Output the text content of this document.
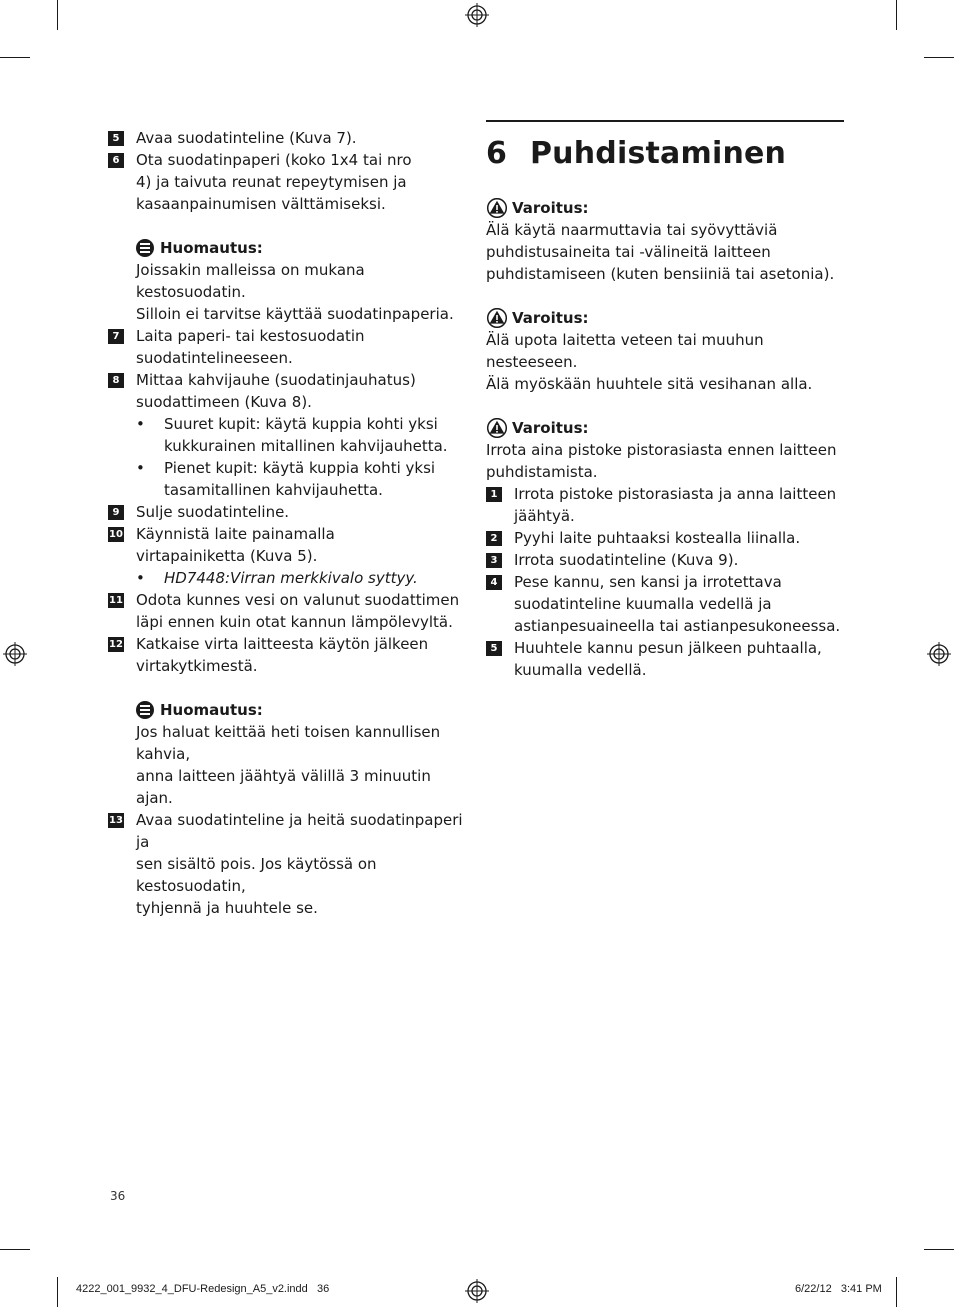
5	Avaa suodatinteline (Kuva 7).
6	Ota suodatinpaperi (koko 1x4 tai nro
4) ja taivuta reunat repeytymisen ja
kasaanpainumisen välttämiseksi.
Huomautus:
Joissakin malleissa on mukana kestosuodatin.
Silloin ei tarvitse käyttää suodatinpaperia.
7	Laita paperi- tai kestosuodatin
suodatintelineeseen.
8	Mittaa kahvijauhe (suodatinjauhatus)
suodattimeen (Kuva 8).
• Suuret kupit: käytä kuppia kohti yksi
kukkurainen mitallinen kahvijauhetta.
• Pienet kupit: käytä kuppia kohti yksi
tasamitallinen kahvijauhetta.
9	Sulje suodatinteline.
10 Käynnistä laite painamalla
virtapainiketta (Kuva 5).
• HD7448:Virran merkkivalo syttyy.
11 Odota kunnes vesi on valunut suodattimen
läpi ennen kuin otat kannun lämpölevyltä.
12 Katkaise virta laitteesta käytön jälkeen
virtakytkimestä.
Huomautus:
Jos haluat keittää heti toisen kannullisen kahvia,
anna laitteen jäähtyä välillä 3 minuutin ajan.
13 Avaa suodatinteline ja heitä suodatinpaperi ja
sen sisältö pois. Jos käytössä on kestosuodatin,
tyhjennä ja huuhtele se.
6 Puhdistaminen
Varoitus:
Älä käytä naarmuttavia tai syövyttäviä
puhdistusaineita tai -välineitä laitteen
puhdistamiseen (kuten bensiiniä tai asetonia).
Varoitus:
Älä upota laitetta veteen tai muuhun nesteeseen.
Älä myöskään huuhtele sitä vesihanan alla.
Varoitus:
Irrota aina pistoke pistorasiasta ennen laitteen
puhdistamista.
1	Irrota pistoke pistorasiasta ja anna laitteen
jäähtyä.
2	Pyyhi laite puhtaaksi kostealla liinalla.
3	Irrota suodatinteline (Kuva 9).
4	Pese kannu, sen kansi ja irrotettava
suodatinteline kuumalla vedellä ja
astianpesuaineella tai astianpesukoneessa.
5	Huuhtele kannu pesun jälkeen puhtaalla,
kuumalla vedellä.
36
4222_001_9932_4_DFU-Redesign_A5_v2.indd   36	6/22/12   3:41 PM
